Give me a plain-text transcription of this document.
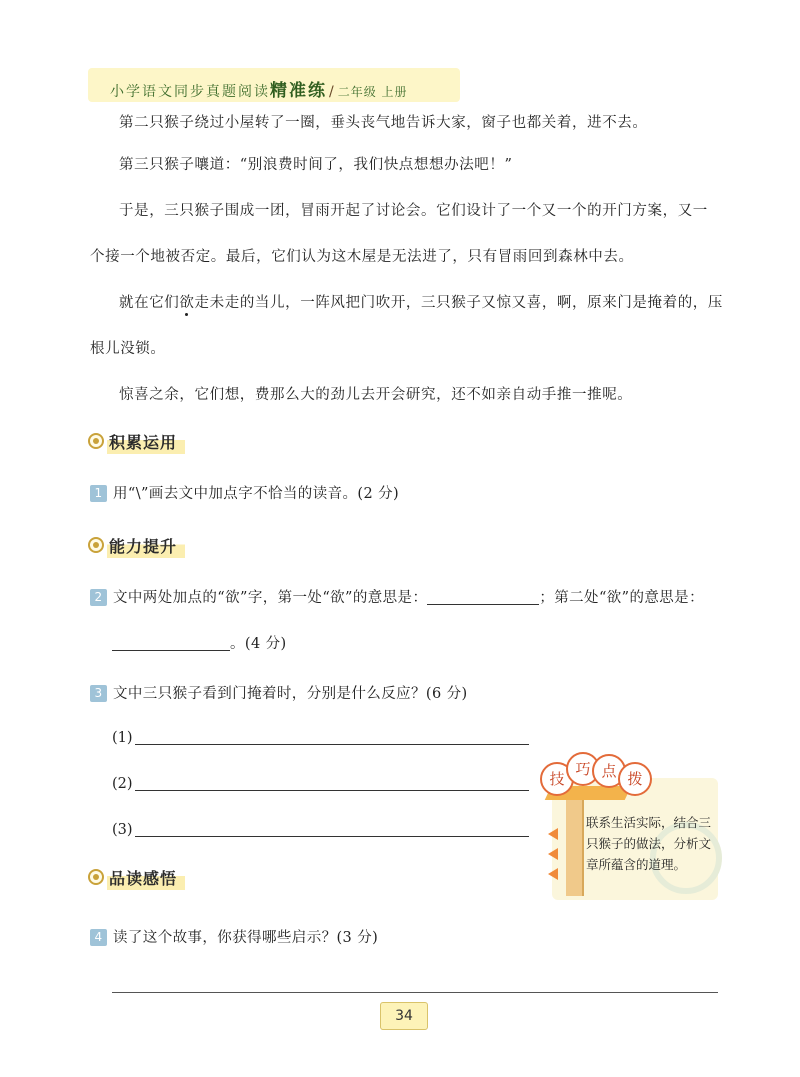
小学语文同步真题阅读精准练 / 二年级 上册
第二只猴子绕过小屋转了一圈，垂头丧气地告诉大家，窗子也都关着，进不去。
第三只猴子嚷道：“别浪费时间了，我们快点想想办法吧！”
于是，三只猴子围成一团，冒雨开起了讨论会。它们设计了一个又一个的开门方案，又一
个接一个地被否定。最后，它们认为这木屋是无法进了，只有冒雨回到森林中去。
就在它们欲走未走的当儿，一阵风把门吹开，三只猴子又惊又喜，啊，原来门是掩着的，压
根儿没锁。
惊喜之余，它们想，费那么大的劲儿去开会研究，还不如亲自动手推一推呢。
积累运用
1 用“\”画去文中加点字不恰当的读音。(2 分)
能力提升
2 文中两处加点的“欲”字，第一处“欲”的意思是：	；第二处“欲”的意思是：
。(4 分)
3 文中三只猴子看到门掩着时，分别是什么反应？(6 分)
(1)
(2)
(3)
技
巧 点 拨
联系生活实际，结合三只猴子的做法，分析文章所蕴含的道理。
品读感悟
4 读了这个故事，你获得哪些启示？(3 分)
34
